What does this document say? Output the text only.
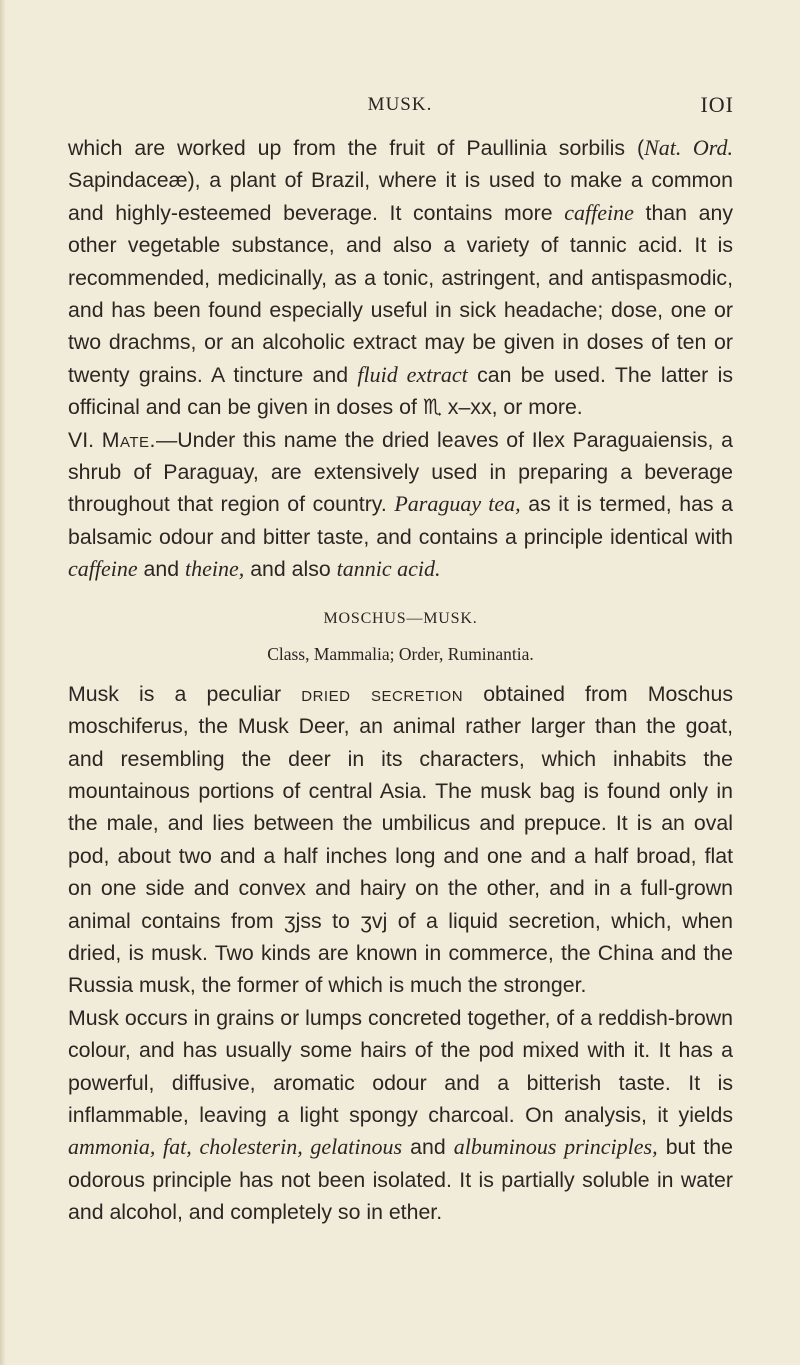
MUSK.	IOI

which are worked up from the fruit of Paullinia sorbilis (Nat. Ord. Sapindaceæ), a plant of Brazil, where it is used to make a common and highly-esteemed beverage. It contains more caffeine than any other vegetable substance, and also a variety of tannic acid. It is recommended, medicinally, as a tonic, astringent, and antispasmodic, and has been found especially useful in sick headache; dose, one or two drachms, or an alcoholic extract may be given in doses of ten or twenty grains. A tincture and fluid extract can be used. The latter is officinal and can be given in doses of ♏ x–xx, or more.

VI. Mate.—Under this name the dried leaves of Ilex Paraguaiensis, a shrub of Paraguay, are extensively used in preparing a beverage throughout that region of country. Paraguay tea, as it is termed, has a balsamic odour and bitter taste, and contains a principle identical with caffeine and theine, and also tannic acid.

MOSCHUS—MUSK.
Class, Mammalia; Order, Ruminantia.

Musk is a peculiar dried secretion obtained from Moschus moschiferus, the Musk Deer, an animal rather larger than the goat, and resembling the deer in its characters, which inhabits the mountainous portions of central Asia. The musk bag is found only in the male, and lies between the umbilicus and prepuce. It is an oval pod, about two and a half inches long and one and a half broad, flat on one side and convex and hairy on the other, and in a full-grown animal contains from ʒjss to ʒvj of a liquid secretion, which, when dried, is musk. Two kinds are known in commerce, the China and the Russia musk, the former of which is much the stronger.

Musk occurs in grains or lumps concreted together, of a reddish-brown colour, and has usually some hairs of the pod mixed with it. It has a powerful, diffusive, aromatic odour and a bitterish taste. It is inflammable, leaving a light spongy charcoal. On analysis, it yields ammonia, fat, cholesterin, gelatinous and albuminous principles, but the odorous principle has not been isolated. It is partially soluble in water and alcohol, and completely so in ether.
